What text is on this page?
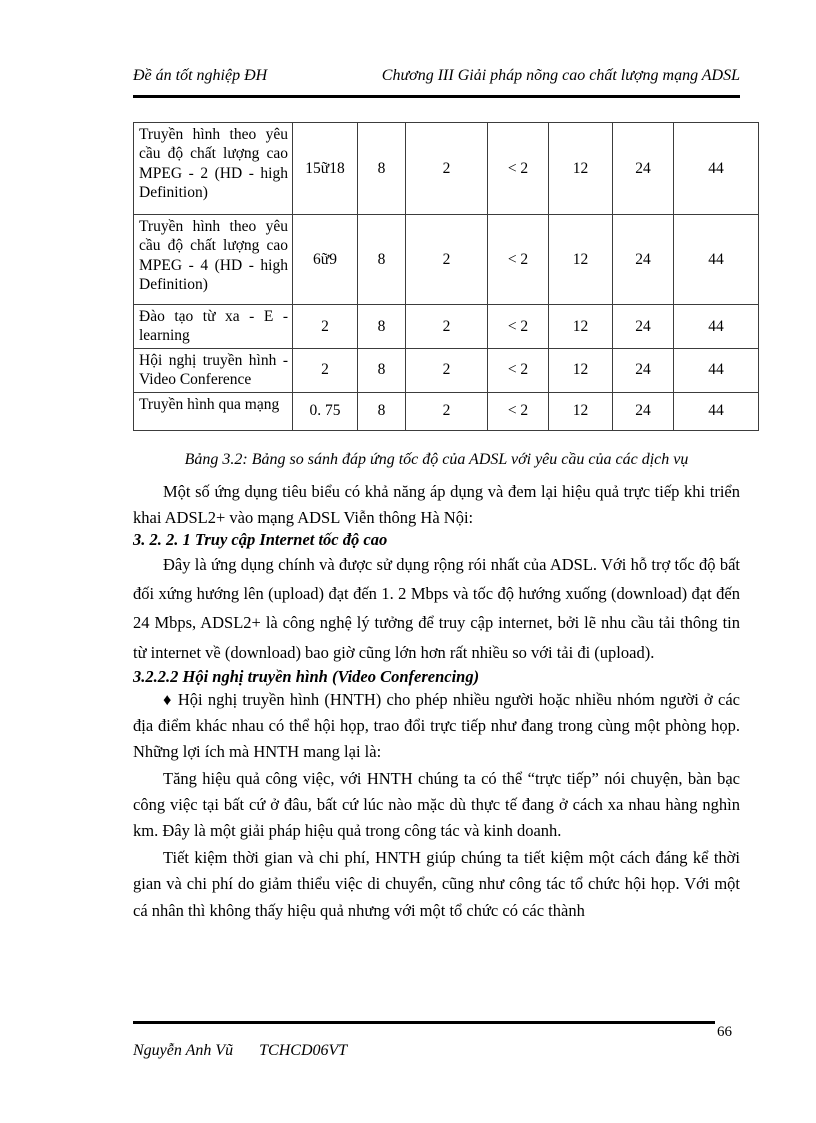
Đề án tốt nghiệp ĐH	Chương III Giải pháp nõng cao chất lượng mạng ADSL
Truyền hình theo yêu cầu độ chất lượng cao MPEG - 2 (HD - high Definition)	15ữ18	8	2	< 2	12	24	44
Truyền hình theo yêu cầu độ chất lượng cao MPEG - 4 (HD - high Definition)	6ữ9	8	2	< 2	12	24	44
Đào tạo từ xa - E - learning	2	8	2	< 2	12	24	44
Hội nghị truyền hình - Video Conference	2	8	2	< 2	12	24	44
Truyền hình qua mạng	0. 75	8	2	< 2	12	24	44
Bảng 3.2: Bảng so sánh đáp ứng tốc độ của ADSL với yêu cầu của các dịch vụ

Một số ứng dụng tiêu biểu có khả năng áp dụng và đem lại hiệu quả trực tiếp khi triển khai ADSL2+ vào mạng ADSL Viễn thông Hà Nội:

3. 2. 2. 1 Truy cập Internet tốc độ cao

Đây là ứng dụng chính và được sử dụng rộng rói nhất của ADSL. Với hỗ trợ tốc độ bất đối xứng hướng lên (upload) đạt đến 1. 2 Mbps và tốc độ hướng xuống (download) đạt đến 24 Mbps, ADSL2+ là công nghệ lý tưởng để truy cập internet, bởi lẽ nhu cầu tải thông tin từ internet về (download) bao giờ cũng lớn hơn rất nhiều so với tải đi (upload).

3.2.2.2 Hội nghị truyền hình (Video Conferencing)

♦ Hội nghị truyền hình (HNTH) cho phép nhiều người hoặc nhiều nhóm người ở các địa điểm khác nhau có thể hội họp, trao đổi trực tiếp như đang trong cùng một phòng họp. Những lợi ích mà HNTH mang lại là:

Tăng hiệu quả công việc, với HNTH chúng ta có thể “trực tiếp” nói chuyện, bàn bạc công việc tại bất cứ ở đâu, bất cứ lúc nào mặc dù thực tế đang ở cách xa nhau hàng nghìn km. Đây là một giải pháp hiệu quả trong công tác và kinh doanh.

Tiết kiệm thời gian và chi phí, HNTH giúp chúng ta tiết kiệm một cách đáng kể thời gian và chi phí do giảm thiểu việc di chuyển, cũng như công tác tổ chức hội họp. Với một cá nhân thì không thấy hiệu quả nhưng với một tổ chức có các thành

66
Nguyễn Anh Vũ TCHCD06VT
